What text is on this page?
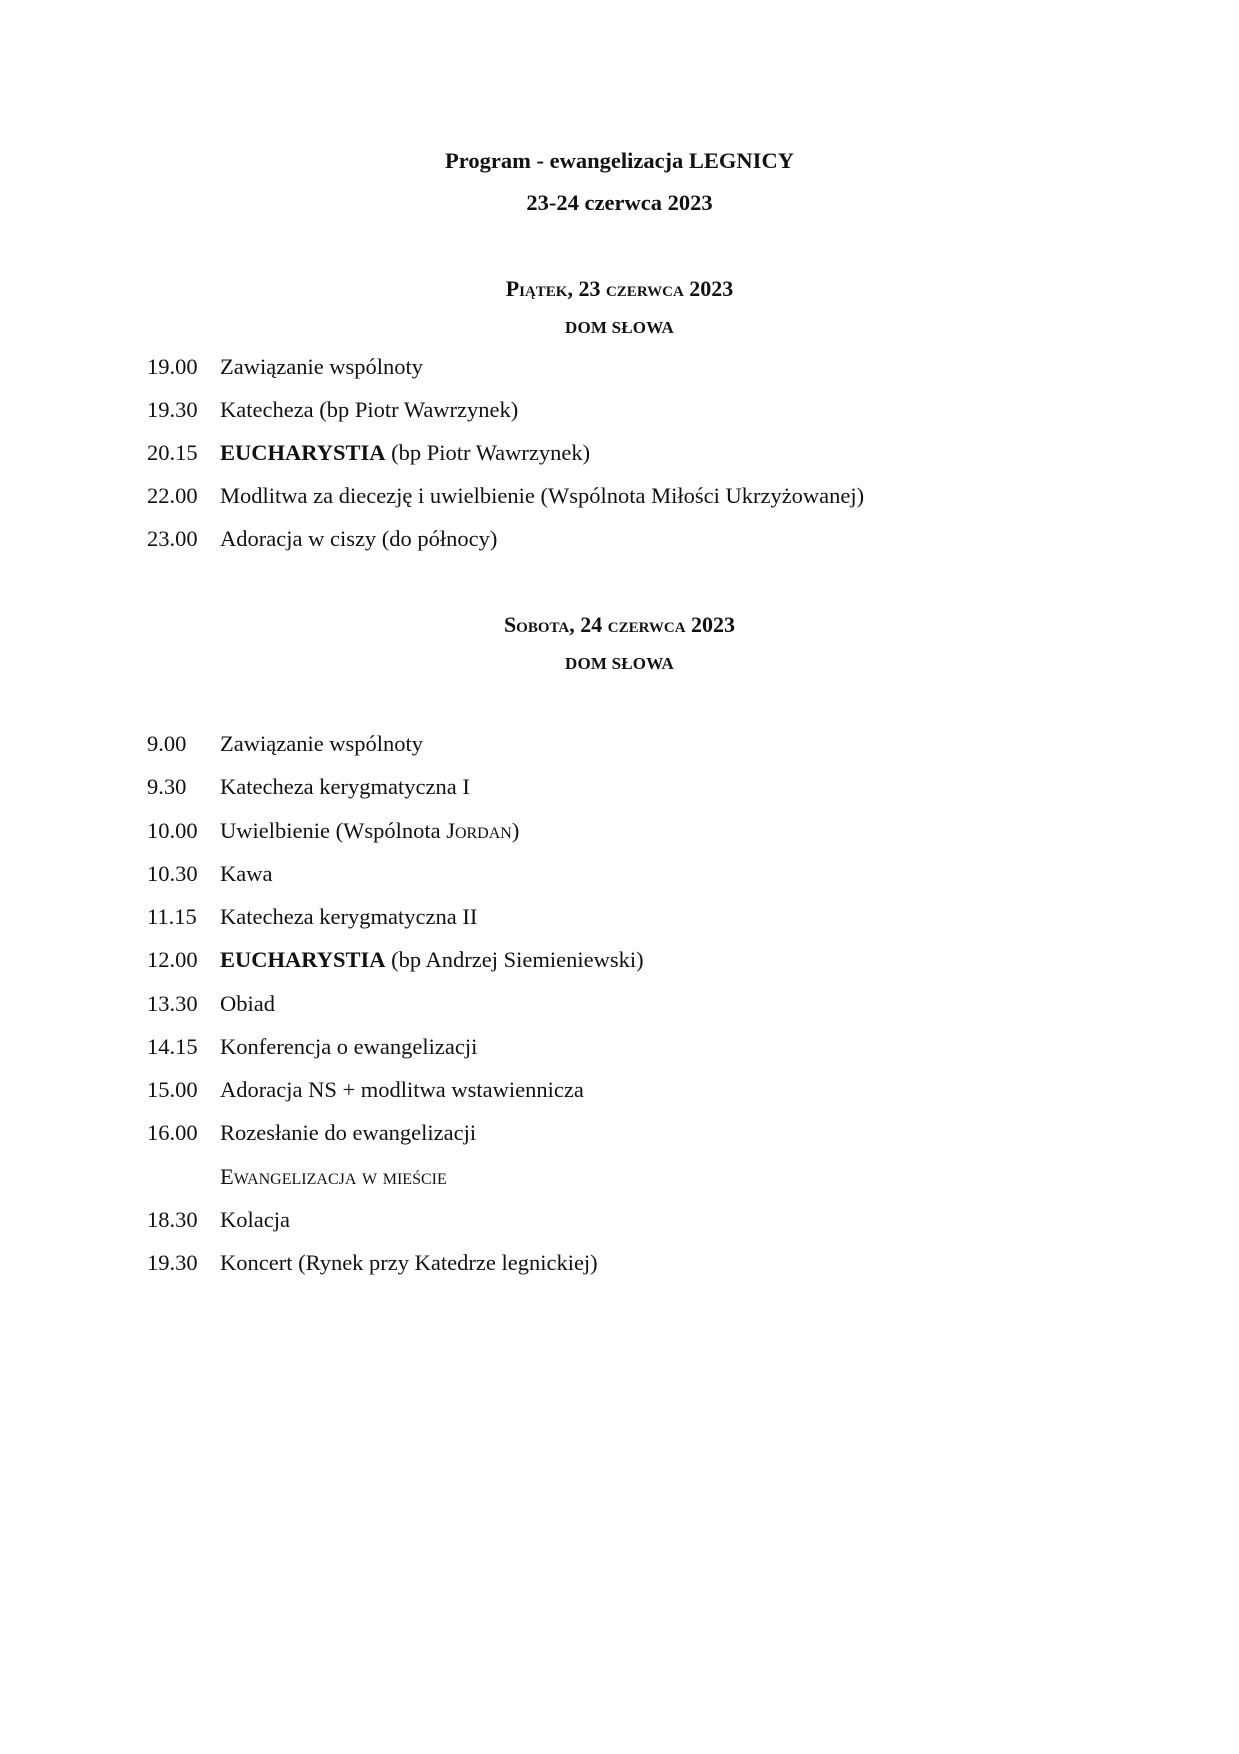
Program - ewangelizacja LEGNICY
23-24 czerwca 2023
Piątek, 23 czerwca 2023
DOM SŁOWA
19.00 Zawiązanie wspólnoty
19.30 Katecheza (bp Piotr Wawrzynek)
20.15 EUCHARYSTIA (bp Piotr Wawrzynek)
22.00 Modlitwa za diecezję i uwielbienie (Wspólnota Miłości Ukrzyżowanej)
23.00 Adoracja w ciszy (do północy)
Sobota, 24 czerwca 2023
DOM SŁOWA
9.00	Zawiązanie wspólnoty
9.30	Katecheza kerygmatyczna I
10.00 Uwielbienie (Wspólnota Jordan)
10.30 Kawa
11.15	Katecheza kerygmatyczna II
12.00 EUCHARYSTIA (bp Andrzej Siemieniewski)
13.30 Obiad
14.15 Konferencja o ewangelizacji
15.00 Adoracja NS + modlitwa wstawiennicza
16.00 Rozesłanie do ewangelizacji
Ewangelizacja w mieście
18.30 Kolacja
19.30 Koncert (Rynek przy Katedrze legnickiej)
